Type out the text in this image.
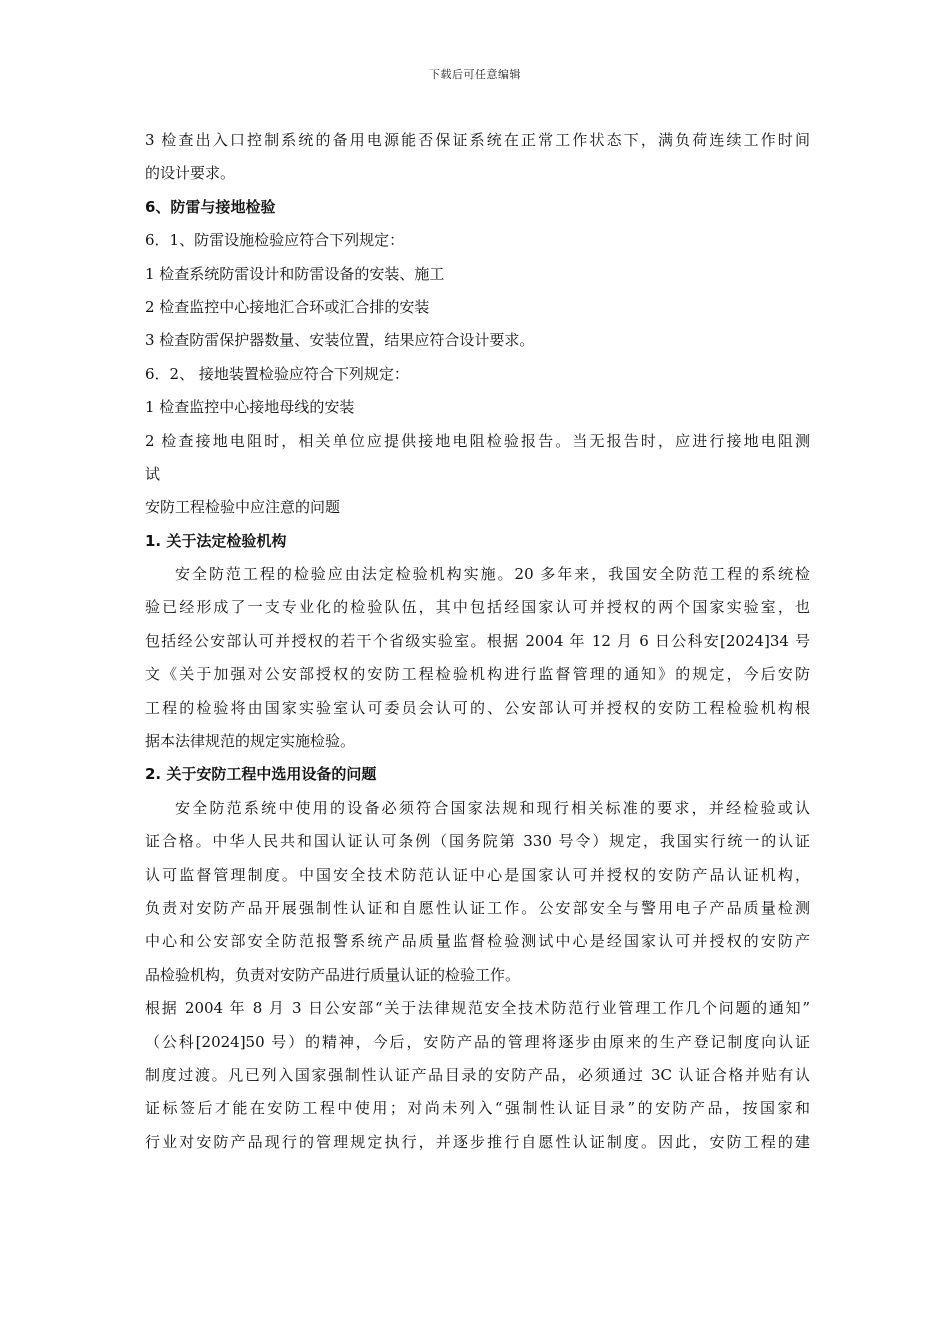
下载后可任意编辑
3 检查出入口控制系统的备用电源能否保证系统在正常工作状态下，满负荷连续工作时间
的设计要求。
6、防雷与接地检验
6．1、防雷设施检验应符合下列规定：
1 检查系统防雷设计和防雷设备的安装、施工
2 检查监控中心接地汇合环或汇合排的安装
3 检查防雷保护器数量、安装位置，结果应符合设计要求。
6．2、 接地装置检验应符合下列规定：
1 检查监控中心接地母线的安装
2 检查接地电阻时，相关单位应提供接地电阻检验报告。当无报告时，应进行接地电阻测
试
安防工程检验中应注意的问题
1. 关于法定检验机构
安全防范工程的检验应由法定检验机构实施。20 多年来，我国安全防范工程的系统检
验已经形成了一支专业化的检验队伍，其中包括经国家认可并授权的两个国家实验室，也
包括经公安部认可并授权的若干个省级实验室。根据 2004 年 12 月 6 日公科安[2024]34 号
文《关于加强对公安部授权的安防工程检验机构进行监督管理的通知》的规定，今后安防
工程的检验将由国家实验室认可委员会认可的、公安部认可并授权的安防工程检验机构根
据本法律规范的规定实施检验。
2. 关于安防工程中选用设备的问题
安全防范系统中使用的设备必须符合国家法规和现行相关标准的要求，并经检验或认
证合格。中华人民共和国认证认可条例（国务院第 330 号令）规定，我国实行统一的认证
认可监督管理制度。中国安全技术防范认证中心是国家认可并授权的安防产品认证机构，
负责对安防产品开展强制性认证和自愿性认证工作。公安部安全与警用电子产品质量检测
中心和公安部安全防范报警系统产品质量监督检验测试中心是经国家认可并授权的安防产
品检验机构，负责对安防产品进行质量认证的检验工作。
根据 2004 年 8 月 3 日公安部“关于法律规范安全技术防范行业管理工作几个问题的通知”
（公科[2024]50 号）的精神，今后，安防产品的管理将逐步由原来的生产登记制度向认证
制度过渡。凡已列入国家强制性认证产品目录的安防产品，必须通过 3C 认证合格并贴有认
证标签后才能在安防工程中使用；对尚未列入“强制性认证目录”的安防产品，按国家和
行业对安防产品现行的管理规定执行，并逐步推行自愿性认证制度。因此，安防工程的建
